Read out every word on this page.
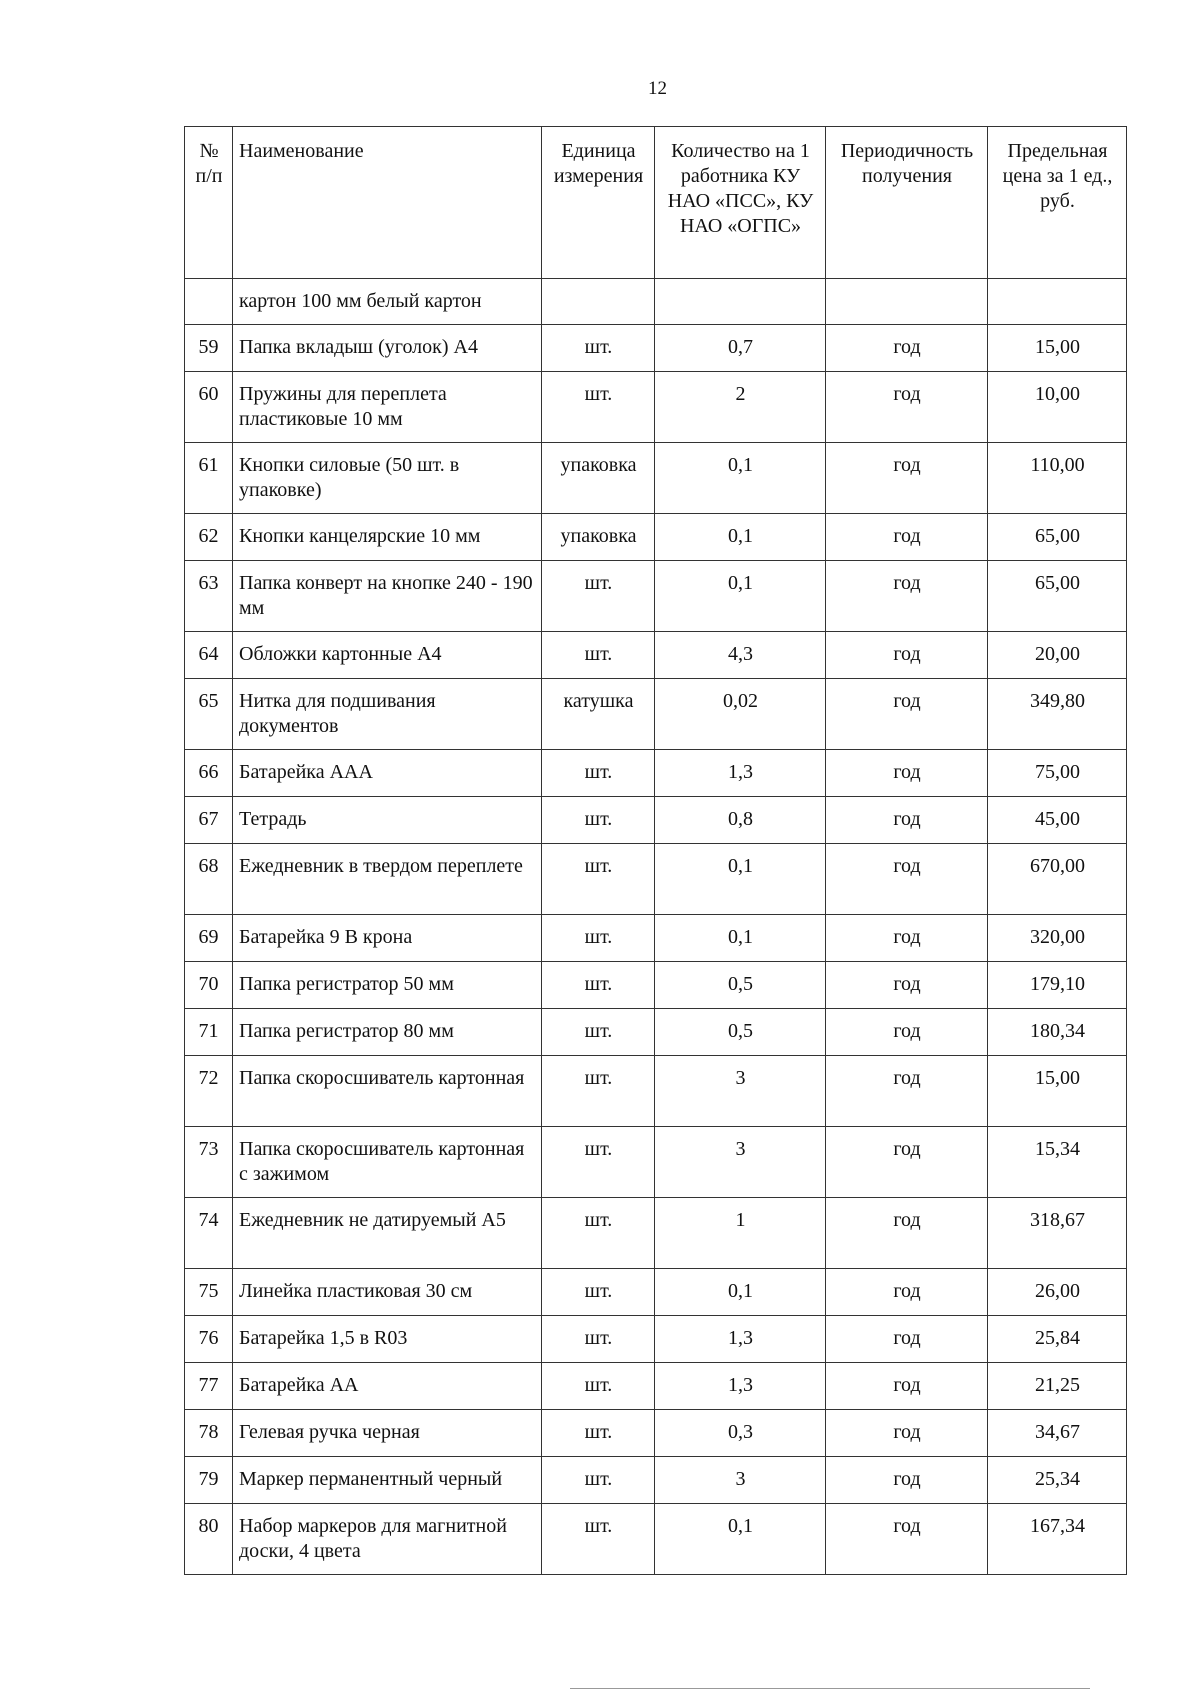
12
№ п/п	Наименование	Единица измерения	Количество на 1 работника КУ НАО «ПСС», КУ НАО «ОГПС»	Периодичность получения	Предельная цена за 1 ед., руб.
	картон 100 мм белый картон				
59	Папка вкладыш (уголок) А4	шт.	0,7	год	15,00
60	Пружины для переплета пластиковые 10 мм	шт.	2	год	10,00
61	Кнопки силовые (50 шт. в упаковке)	упаковка	0,1	год	110,00
62	Кнопки канцелярские 10 мм	упаковка	0,1	год	65,00
63	Папка конверт на кнопке 240 - 190 мм	шт.	0,1	год	65,00
64	Обложки картонные А4	шт.	4,3	год	20,00
65	Нитка для подшивания документов	катушка	0,02	год	349,80
66	Батарейка ААА	шт.	1,3	год	75,00
67	Тетрадь	шт.	0,8	год	45,00
68	Ежедневник в твердом переплете	шт.	0,1	год	670,00
69	Батарейка 9 В крона	шт.	0,1	год	320,00
70	Папка регистратор 50 мм	шт.	0,5	год	179,10
71	Папка регистратор 80 мм	шт.	0,5	год	180,34
72	Папка скоросшиватель картонная	шт.	3	год	15,00
73	Папка скоросшиватель картонная с зажимом	шт.	3	год	15,34
74	Ежедневник не датируемый А5	шт.	1	год	318,67
75	Линейка пластиковая 30 см	шт.	0,1	год	26,00
76	Батарейка 1,5 в R03	шт.	1,3	год	25,84
77	Батарейка АА	шт.	1,3	год	21,25
78	Гелевая ручка черная	шт.	0,3	год	34,67
79	Маркер перманентный черный	шт.	3	год	25,34
80	Набор маркеров для магнитной доски, 4 цвета	шт.	0,1	год	167,34
